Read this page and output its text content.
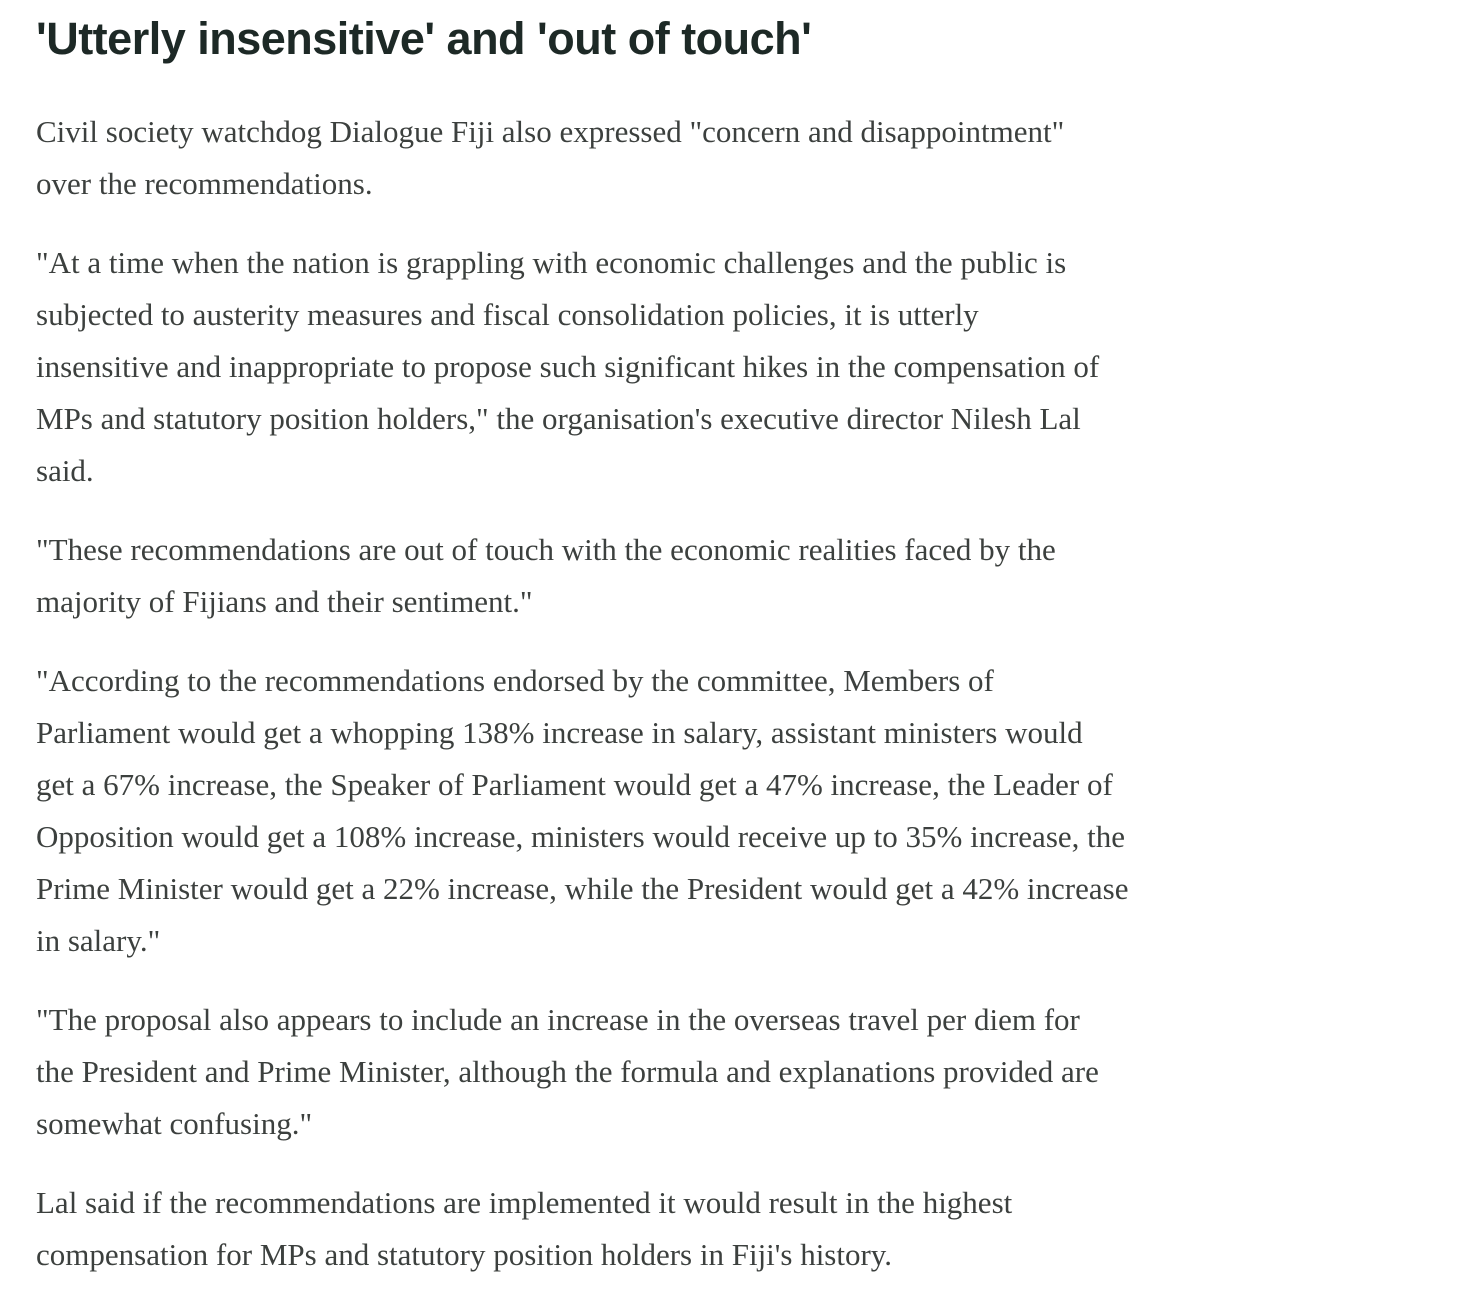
'Utterly insensitive' and 'out of touch'

Civil society watchdog Dialogue Fiji also expressed "concern and disappointment"
over the recommendations.

"At a time when the nation is grappling with economic challenges and the public is
subjected to austerity measures and fiscal consolidation policies, it is utterly
insensitive and inappropriate to propose such significant hikes in the compensation of
MPs and statutory position holders," the organisation's executive director Nilesh Lal
said.

"These recommendations are out of touch with the economic realities faced by the
majority of Fijians and their sentiment."

"According to the recommendations endorsed by the committee, Members of
Parliament would get a whopping 138% increase in salary, assistant ministers would
get a 67% increase, the Speaker of Parliament would get a 47% increase, the Leader of
Opposition would get a 108% increase, ministers would receive up to 35% increase, the
Prime Minister would get a 22% increase, while the President would get a 42% increase
in salary."

"The proposal also appears to include an increase in the overseas travel per diem for
the President and Prime Minister, although the formula and explanations provided are
somewhat confusing."

Lal said if the recommendations are implemented it would result in the highest
compensation for MPs and statutory position holders in Fiji's history.
